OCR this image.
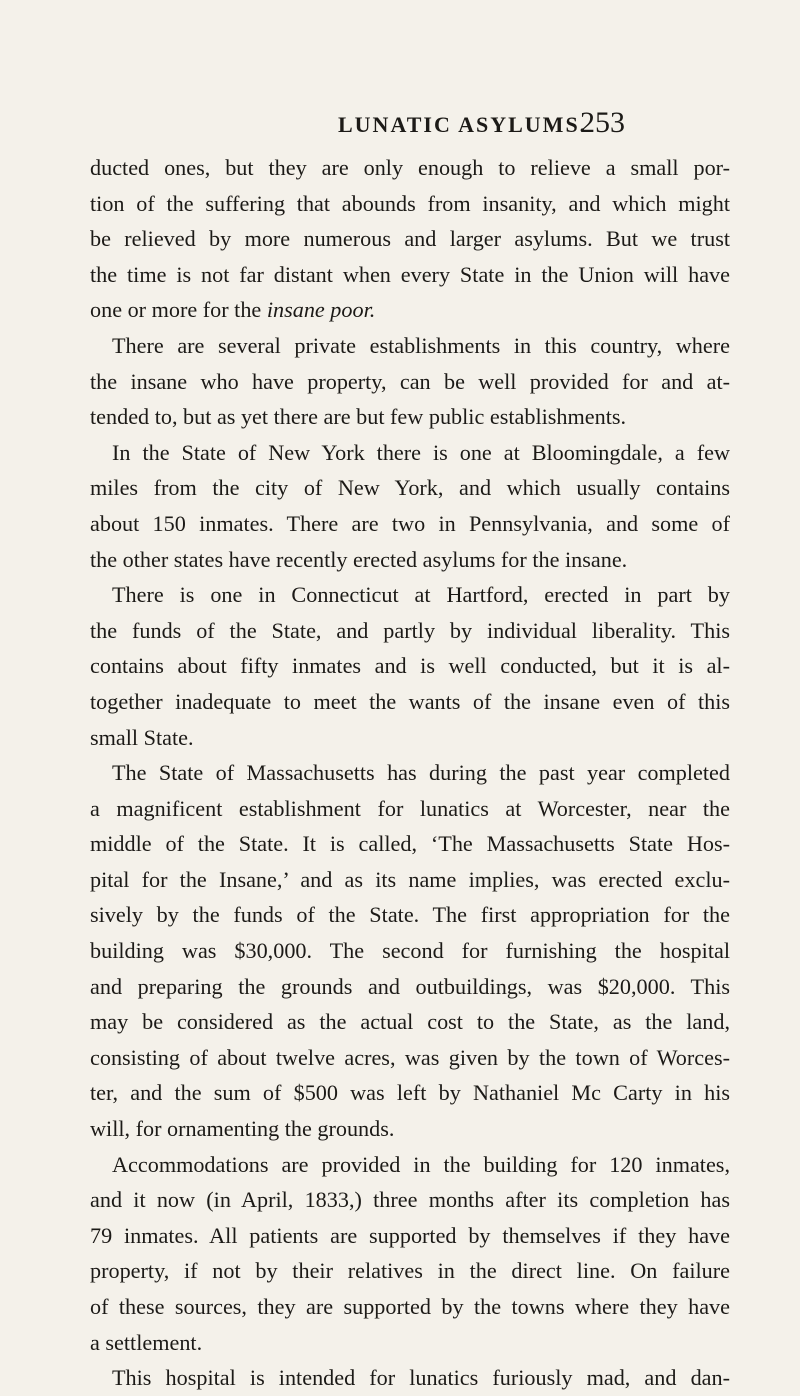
LUNATIC ASYLUMS.
253
ducted ones, but they are only enough to relieve a small por-
tion of the suffering that abounds from insanity, and which might
be relieved by more numerous and larger asylums. But we trust
the time is not far distant when every State in the Union will have
one or more for the insane poor.
There are several private establishments in this country, where
the insane who have property, can be well provided for and at-
tended to, but as yet there are but few public establishments.
In the State of New York there is one at Bloomingdale, a few
miles from the city of New York, and which usually contains
about 150 inmates. There are two in Pennsylvania, and some of
the other states have recently erected asylums for the insane.
There is one in Connecticut at Hartford, erected in part by
the funds of the State, and partly by individual liberality. This
contains about fifty inmates and is well conducted, but it is al-
together inadequate to meet the wants of the insane even of this
small State.
The State of Massachusetts has during the past year completed
a magnificent establishment for lunatics at Worcester, near the
middle of the State. It is called, ‘The Massachusetts State Hos-
pital for the Insane,’ and as its name implies, was erected exclu-
sively by the funds of the State. The first appropriation for the
building was $30,000. The second for furnishing the hospital
and preparing the grounds and outbuildings, was $20,000. This
may be considered as the actual cost to the State, as the land,
consisting of about twelve acres, was given by the town of Worces-
ter, and the sum of $500 was left by Nathaniel Mc Carty in his
will, for ornamenting the grounds.
Accommodations are provided in the building for 120 inmates,
and it now (in April, 1833,) three months after its completion has
79 inmates. All patients are supported by themselves if they have
property, if not by their relatives in the direct line. On failure
of these sources, they are supported by the towns where they have
a settlement.
This hospital is intended for lunatics furiously mad, and dan-
